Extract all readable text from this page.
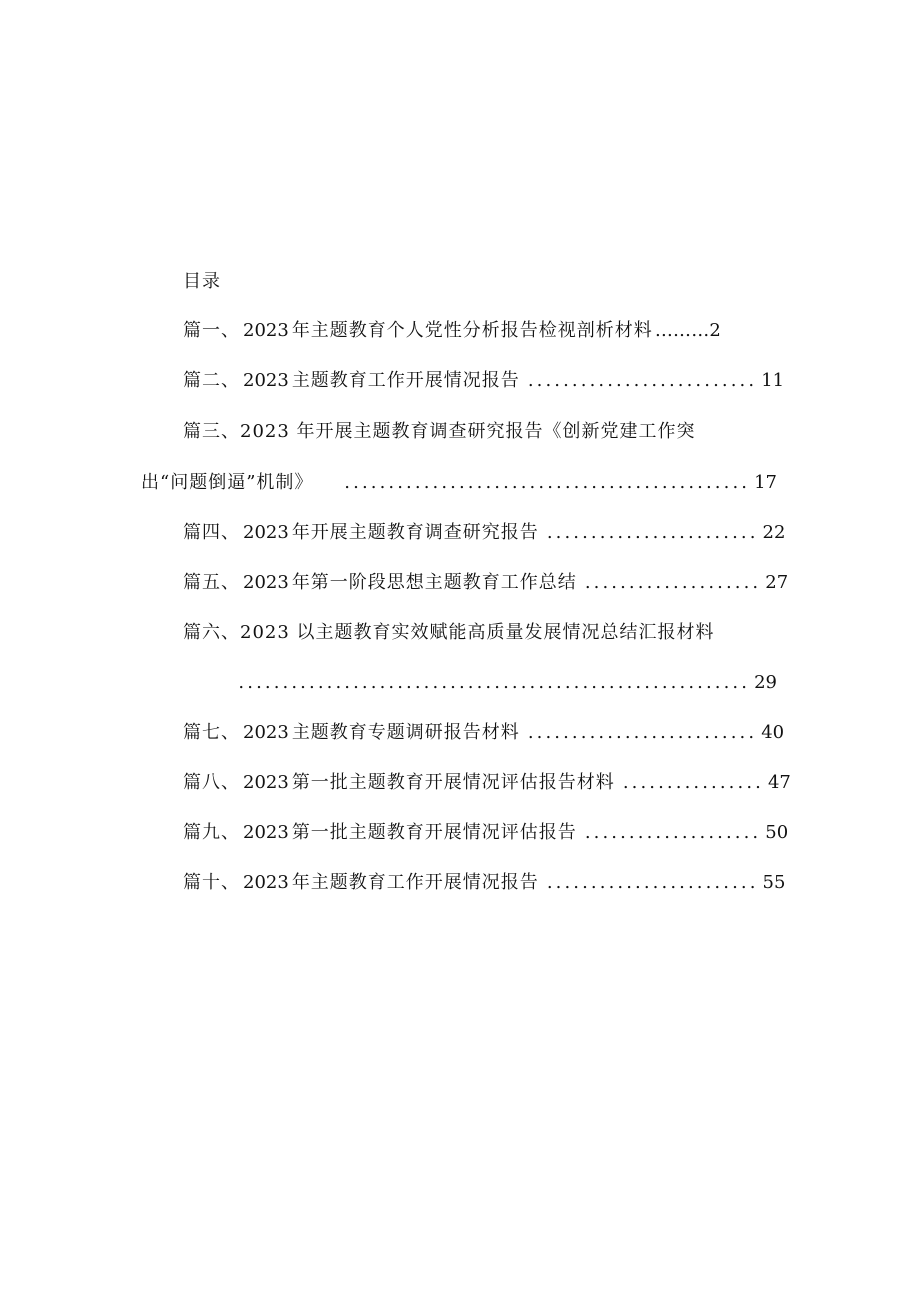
目录
篇一、 2023 年主题教育个人党性分析报告检视剖析材料 ……… 2
篇二、 2023 主题教育工作开展情况报告 .......................... 11
篇三、2023 年开展主题教育调查研究报告《创新党建工作突
出“问题倒逼”机制》	.............................................. 17
篇四、 2023 年开展主题教育调查研究报告 ........................ 22
篇五、 2023 年第一阶段思想主题教育工作总结 .................... 27
篇六、2023 以主题教育实效赋能高质量发展情况总结汇报材料
.......................................................... 29
篇七、 2023 主题教育专题调研报告材料 .......................... 40
篇八、 2023 第一批主题教育开展情况评估报告材料 ................ 47
篇九、 2023 第一批主题教育开展情况评估报告 .................... 50
篇十、 2023 年主题教育工作开展情况报告 ........................ 55
